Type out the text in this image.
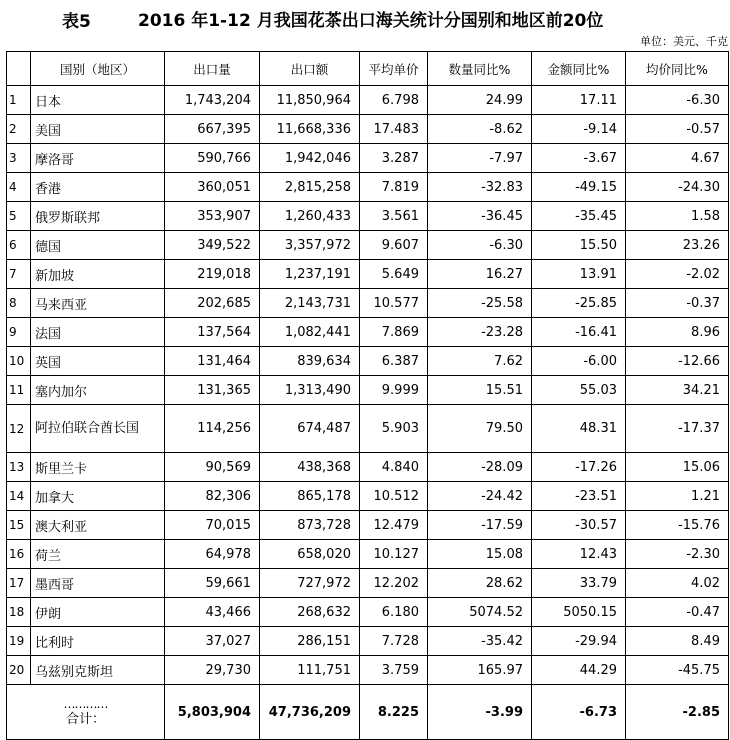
表5	2016 年1-12 月我国花茶出口海关统计分国别和地区前20位
单位：美元、千克
	国别（地区）	出口量	出口额	平均单价	数量同比%	金额同比%	均价同比%
1	日本	1,743,204	11,850,964	6.798	24.99	17.11	-6.30
2	美国	667,395	11,668,336	17.483	-8.62	-9.14	-0.57
3	摩洛哥	590,766	1,942,046	3.287	-7.97	-3.67	4.67
4	香港	360,051	2,815,258	7.819	-32.83	-49.15	-24.30
5	俄罗斯联邦	353,907	1,260,433	3.561	-36.45	-35.45	1.58
6	德国	349,522	3,357,972	9.607	-6.30	15.50	23.26
7	新加坡	219,018	1,237,191	5.649	16.27	13.91	-2.02
8	马来西亚	202,685	2,143,731	10.577	-25.58	-25.85	-0.37
9	法国	137,564	1,082,441	7.869	-23.28	-16.41	8.96
10	英国	131,464	839,634	6.387	7.62	-6.00	-12.66
11	塞内加尔	131,365	1,313,490	9.999	15.51	55.03	34.21
12	阿拉伯联合酋长国	114,256	674,487	5.903	79.50	48.31	-17.37
13	斯里兰卡	90,569	438,368	4.840	-28.09	-17.26	15.06
14	加拿大	82,306	865,178	10.512	-24.42	-23.51	1.21
15	澳大利亚	70,015	873,728	12.479	-17.59	-30.57	-15.76
16	荷兰	64,978	658,020	10.127	15.08	12.43	-2.30
17	墨西哥	59,661	727,972	12.202	28.62	33.79	4.02
18	伊朗	43,466	268,632	6.180	5074.52	5050.15	-0.47
19	比利时	37,027	286,151	7.728	-35.42	-29.94	8.49
20	乌兹别克斯坦	29,730	111,751	3.759	165.97	44.29	-45.75

…………
合计：		5,803,904	47,736,209	8.225	-3.99	-6.73	-2.85
